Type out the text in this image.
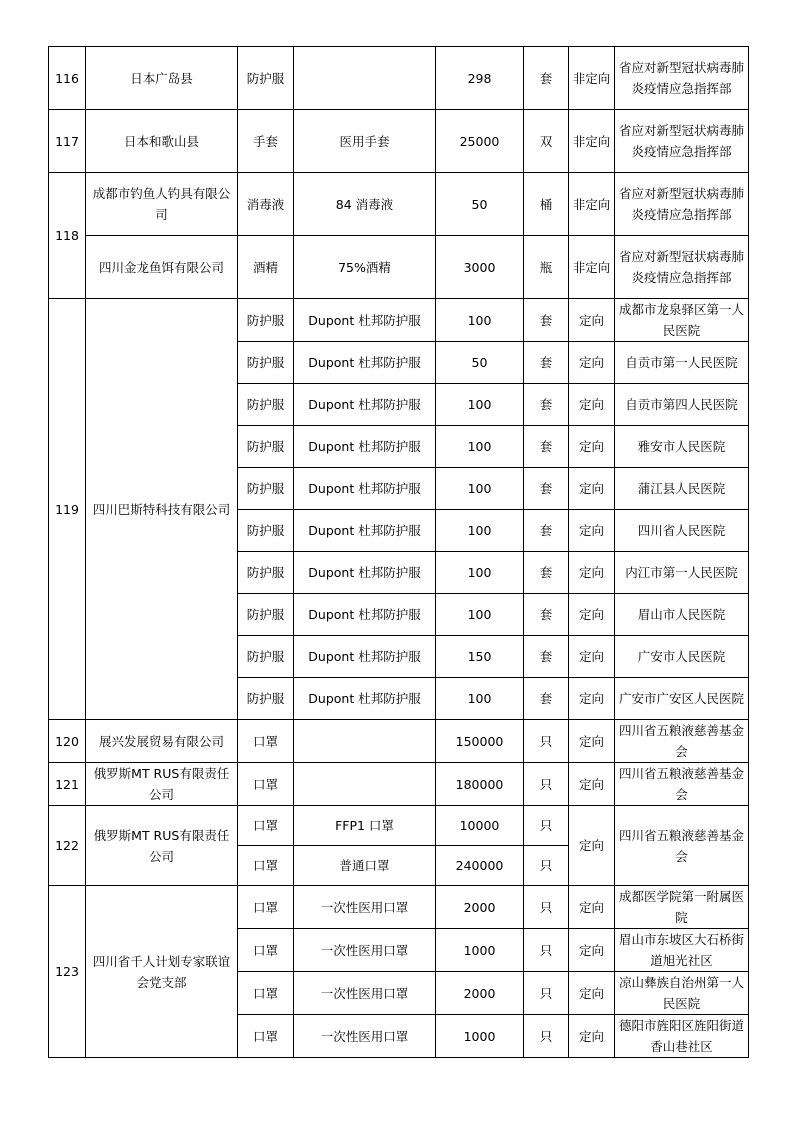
116	日本广岛县	防护服		298	套	非定向	省应对新型冠状病毒肺炎疫情应急指挥部
117	日本和歌山县	手套	医用手套	25000	双	非定向	省应对新型冠状病毒肺炎疫情应急指挥部
118	成都市钓鱼人钓具有限公司	消毒液	84 消毒液	50	桶	非定向	省应对新型冠状病毒肺炎疫情应急指挥部
	四川金龙鱼饵有限公司	酒精	75%酒精	3000	瓶	非定向	省应对新型冠状病毒肺炎疫情应急指挥部
119	四川巴斯特科技有限公司	防护服	Dupont 杜邦防护服	100	套	定向	成都市龙泉驿区第一人民医院
		防护服	Dupont 杜邦防护服	50	套	定向	自贡市第一人民医院
		防护服	Dupont 杜邦防护服	100	套	定向	自贡市第四人民医院
		防护服	Dupont 杜邦防护服	100	套	定向	雅安市人民医院
		防护服	Dupont 杜邦防护服	100	套	定向	蒲江县人民医院
		防护服	Dupont 杜邦防护服	100	套	定向	四川省人民医院
		防护服	Dupont 杜邦防护服	100	套	定向	内江市第一人民医院
		防护服	Dupont 杜邦防护服	100	套	定向	眉山市人民医院
		防护服	Dupont 杜邦防护服	150	套	定向	广安市人民医院
		防护服	Dupont 杜邦防护服	100	套	定向	广安市广安区人民医院
120	展兴发展贸易有限公司	口罩		150000	只	定向	四川省五粮液慈善基金会
121	俄罗斯MT RUS有限责任公司	口罩		180000	只	定向	四川省五粮液慈善基金会
122	俄罗斯MT RUS有限责任公司	口罩	FFP1 口罩	10000	只	定向	四川省五粮液慈善基金会
		口罩	普通口罩	240000	只		
123	四川省千人计划专家联谊会党支部	口罩	一次性医用口罩	2000	只	定向	成都医学院第一附属医院
		口罩	一次性医用口罩	1000	只	定向	眉山市东坡区大石桥街道旭光社区
		口罩	一次性医用口罩	2000	只	定向	凉山彝族自治州第一人民医院
		口罩	一次性医用口罩	1000	只	定向	德阳市旌阳区旌阳街道香山巷社区
